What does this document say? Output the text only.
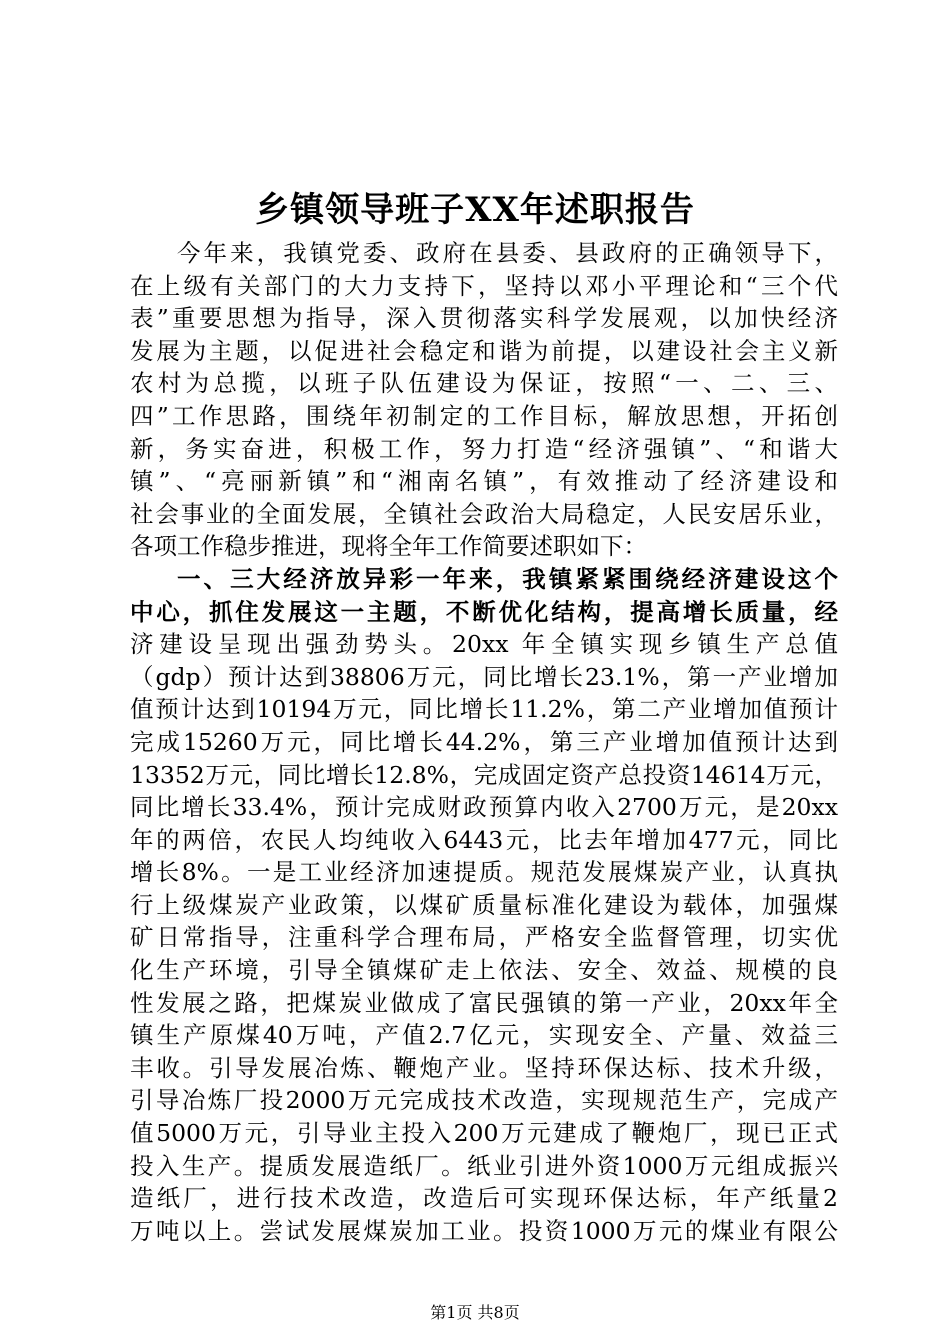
乡镇领导班子XX年述职报告
今年来，我镇党委、政府在县委、县政府的正确领导下，
在上级有关部门的大力支持下，坚持以邓小平理论和“三个代
表”重要思想为指导，深入贯彻落实科学发展观，以加快经济
发展为主题，以促进社会稳定和谐为前提，以建设社会主义新
农村为总揽，以班子队伍建设为保证，按照“一、二、三、
四”工作思路，围绕年初制定的工作目标，解放思想，开拓创
新，务实奋进，积极工作，努力打造“经济强镇”、“和谐大
镇”、“亮丽新镇”和“湘南名镇”，有效推动了经济建设和
社会事业的全面发展，全镇社会政治大局稳定，人民安居乐业，
各项工作稳步推进，现将全年工作简要述职如下：
一、三大经济放异彩一年来，我镇紧紧围绕经济建设这个
中心，抓住发展这一主题，不断优化结构，提高增长质量，经
济建设呈现出强劲势头。20xx 年全镇实现乡镇生产总值
（gdp）预计达到38806万元，同比增长23.1%，第一产业增加
值预计达到10194万元，同比增长11.2%，第二产业增加值预计
完成15260万元，同比增长44.2%，第三产业增加值预计达到
13352万元，同比增长12.8%，完成固定资产总投资14614万元，
同比增长33.4%，预计完成财政预算内收入2700万元，是20xx
年的两倍，农民人均纯收入6443元，比去年增加477元，同比
增长8%。一是工业经济加速提质。规范发展煤炭产业，认真执
行上级煤炭产业政策，以煤矿质量标准化建设为载体，加强煤
矿日常指导，注重科学合理布局，严格安全监督管理，切实优
化生产环境，引导全镇煤矿走上依法、安全、效益、规模的良
性发展之路，把煤炭业做成了富民强镇的第一产业，20xx年全
镇生产原煤40万吨，产值2.7亿元，实现安全、产量、效益三
丰收。引导发展冶炼、鞭炮产业。坚持环保达标、技术升级，
引导冶炼厂投2000万元完成技术改造，实现规范生产，完成产
值5000万元，引导业主投入200万元建成了鞭炮厂，现已正式
投入生产。提质发展造纸厂。纸业引进外资1000万元组成振兴
造纸厂，进行技术改造，改造后可实现环保达标，年产纸量2
万吨以上。尝试发展煤炭加工业。投资1000万元的煤业有限公
第1页 共8页
